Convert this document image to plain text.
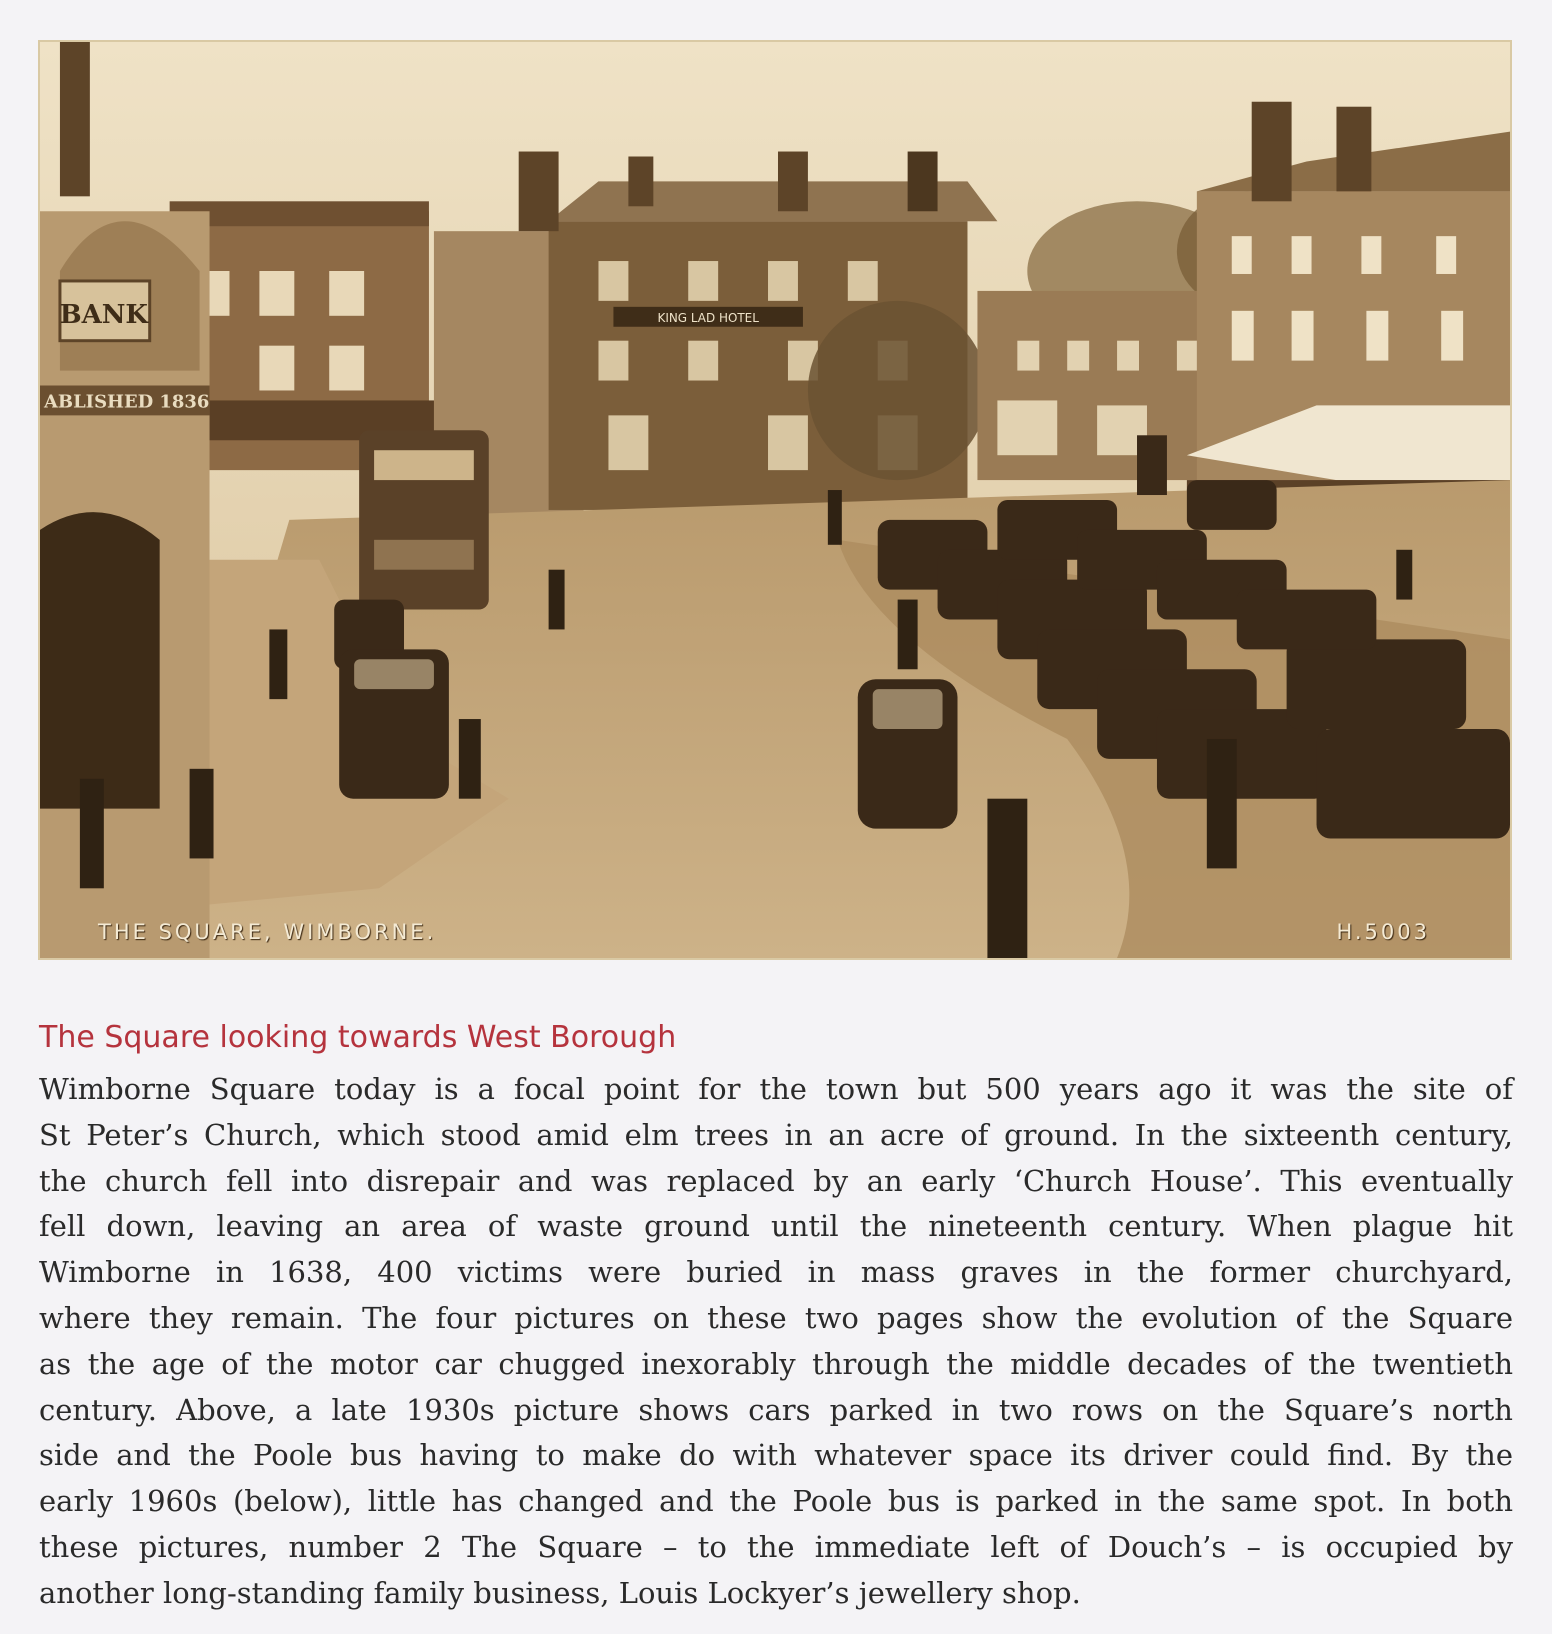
KING LAD HOTEL
BANK
ABLISHED 1836
THE SQUARE, WIMBORNE.	H.5003
The Square looking towards West Borough
Wimborne Square today is a focal point for the town but 500 years ago it was the site of
St Peter’s Church, which stood amid elm trees in an acre of ground. In the sixteenth century,
the church fell into disrepair and was replaced by an early ‘Church House’. This eventually
fell down, leaving an area of waste ground until the nineteenth century. When plague hit
Wimborne in 1638, 400 victims were buried in mass graves in the former churchyard,
where they remain. The four pictures on these two pages show the evolution of the Square
as the age of the motor car chugged inexorably through the middle decades of the twentieth
century. Above, a late 1930s picture shows cars parked in two rows on the Square’s north
side and the Poole bus having to make do with whatever space its driver could find. By the
early 1960s (below), little has changed and the Poole bus is parked in the same spot. In both
these pictures, number 2 The Square – to the immediate left of Douch’s – is occupied by
another long-standing family business, Louis Lockyer’s jewellery shop.
